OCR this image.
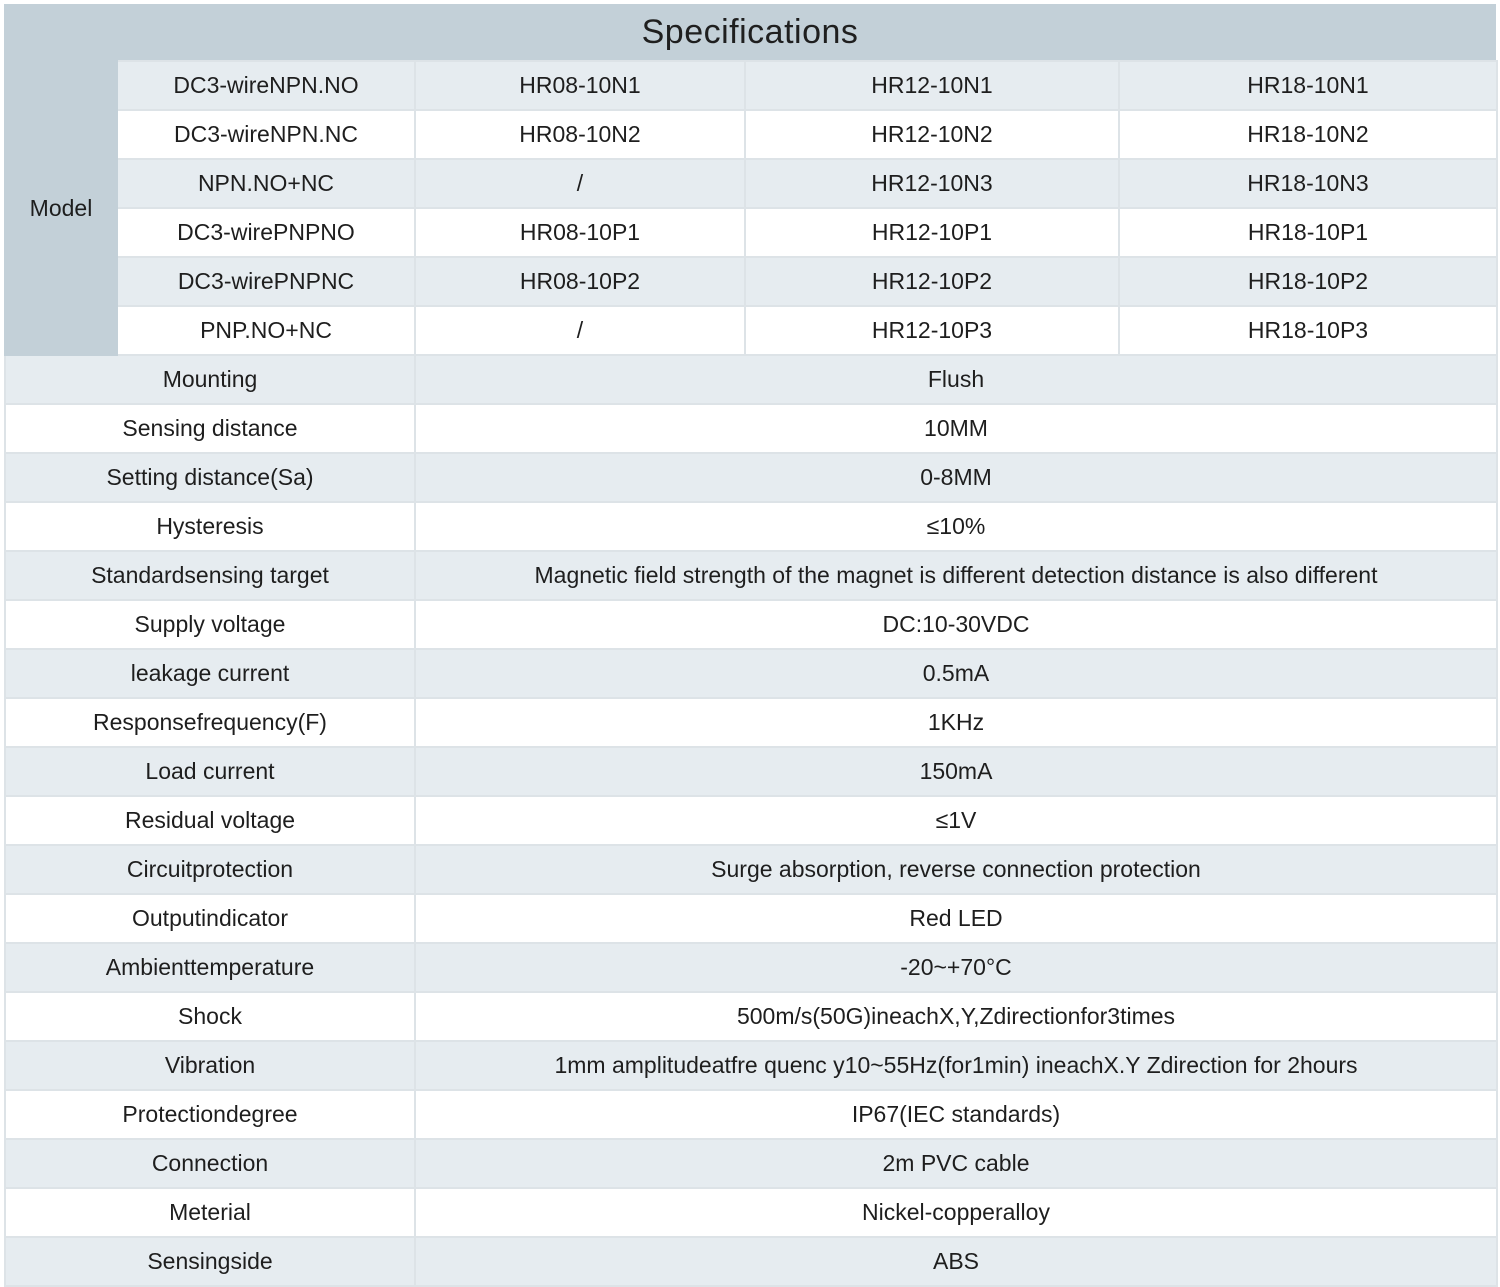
Specifications
Model	DC3-wireNPN.NO	HR08-10N1	HR12-10N1	HR18-10N1
	DC3-wireNPN.NC	HR08-10N2	HR12-10N2	HR18-10N2
	NPN.NO+NC	/	HR12-10N3	HR18-10N3
	DC3-wirePNPNO	HR08-10P1	HR12-10P1	HR18-10P1
	DC3-wirePNPNC	HR08-10P2	HR12-10P2	HR18-10P2
	PNP.NO+NC	/	HR12-10P3	HR18-10P3
Mounting		Flush		
Sensing distance		10MM		
Setting distance(Sa)		0-8MM		
Hysteresis		≤10%		
Standardsensing target		Magnetic field strength of the magnet is different detection distance is also different		
Supply voltage		DC:10-30VDC		
leakage current		0.5mA		
Responsefrequency(F)		1KHz		
Load current		150mA		
Residual voltage		≤1V		
Circuitprotection		Surge absorption, reverse connection protection		
Outputindicator		Red LED		
Ambienttemperature		-20~+70°C		
Shock		500m/s(50G)ineachX,Y,Zdirectionfor3times		
Vibration		1mm amplitudeatfre quenc y10~55Hz(for1min) ineachX.Y Zdirection for 2hours		
Protectiondegree		IP67(IEC standards)		
Connection		2m PVC cable		
Meterial		Nickel-copperalloy		
Sensingside		ABS		
